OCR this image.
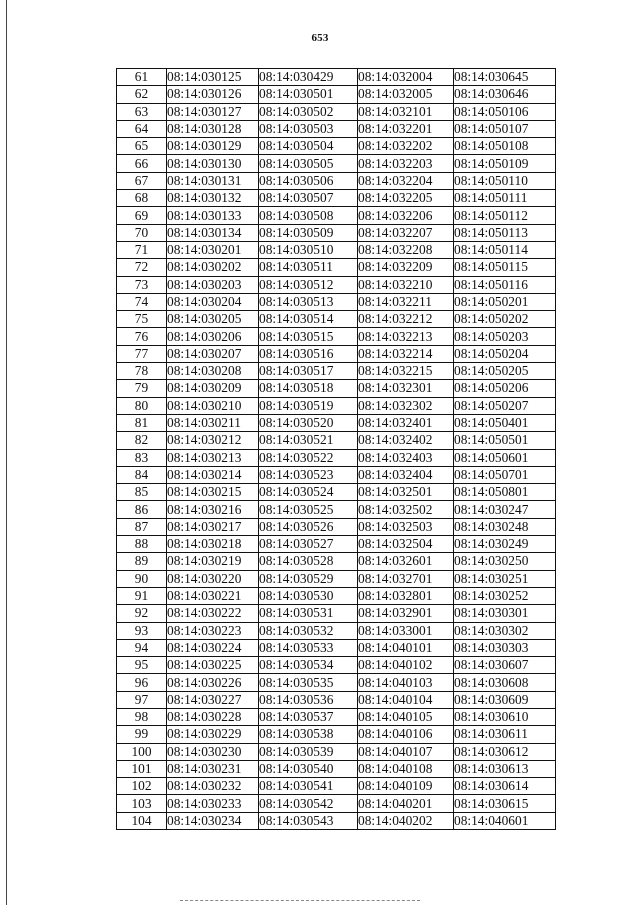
653
61	08:14:030125	08:14:030429	08:14:032004	08:14:030645
62	08:14:030126	08:14:030501	08:14:032005	08:14:030646
63	08:14:030127	08:14:030502	08:14:032101	08:14:050106
64	08:14:030128	08:14:030503	08:14:032201	08:14:050107
65	08:14:030129	08:14:030504	08:14:032202	08:14:050108
66	08:14:030130	08:14:030505	08:14:032203	08:14:050109
67	08:14:030131	08:14:030506	08:14:032204	08:14:050110
68	08:14:030132	08:14:030507	08:14:032205	08:14:050111
69	08:14:030133	08:14:030508	08:14:032206	08:14:050112
70	08:14:030134	08:14:030509	08:14:032207	08:14:050113
71	08:14:030201	08:14:030510	08:14:032208	08:14:050114
72	08:14:030202	08:14:030511	08:14:032209	08:14:050115
73	08:14:030203	08:14:030512	08:14:032210	08:14:050116
74	08:14:030204	08:14:030513	08:14:032211	08:14:050201
75	08:14:030205	08:14:030514	08:14:032212	08:14:050202
76	08:14:030206	08:14:030515	08:14:032213	08:14:050203
77	08:14:030207	08:14:030516	08:14:032214	08:14:050204
78	08:14:030208	08:14:030517	08:14:032215	08:14:050205
79	08:14:030209	08:14:030518	08:14:032301	08:14:050206
80	08:14:030210	08:14:030519	08:14:032302	08:14:050207
81	08:14:030211	08:14:030520	08:14:032401	08:14:050401
82	08:14:030212	08:14:030521	08:14:032402	08:14:050501
83	08:14:030213	08:14:030522	08:14:032403	08:14:050601
84	08:14:030214	08:14:030523	08:14:032404	08:14:050701
85	08:14:030215	08:14:030524	08:14:032501	08:14:050801
86	08:14:030216	08:14:030525	08:14:032502	08:14:030247
87	08:14:030217	08:14:030526	08:14:032503	08:14:030248
88	08:14:030218	08:14:030527	08:14:032504	08:14:030249
89	08:14:030219	08:14:030528	08:14:032601	08:14:030250
90	08:14:030220	08:14:030529	08:14:032701	08:14:030251
91	08:14:030221	08:14:030530	08:14:032801	08:14:030252
92	08:14:030222	08:14:030531	08:14:032901	08:14:030301
93	08:14:030223	08:14:030532	08:14:033001	08:14:030302
94	08:14:030224	08:14:030533	08:14:040101	08:14:030303
95	08:14:030225	08:14:030534	08:14:040102	08:14:030607
96	08:14:030226	08:14:030535	08:14:040103	08:14:030608
97	08:14:030227	08:14:030536	08:14:040104	08:14:030609
98	08:14:030228	08:14:030537	08:14:040105	08:14:030610
99	08:14:030229	08:14:030538	08:14:040106	08:14:030611
100	08:14:030230	08:14:030539	08:14:040107	08:14:030612
101	08:14:030231	08:14:030540	08:14:040108	08:14:030613
102	08:14:030232	08:14:030541	08:14:040109	08:14:030614
103	08:14:030233	08:14:030542	08:14:040201	08:14:030615
104	08:14:030234	08:14:030543	08:14:040202	08:14:040601
